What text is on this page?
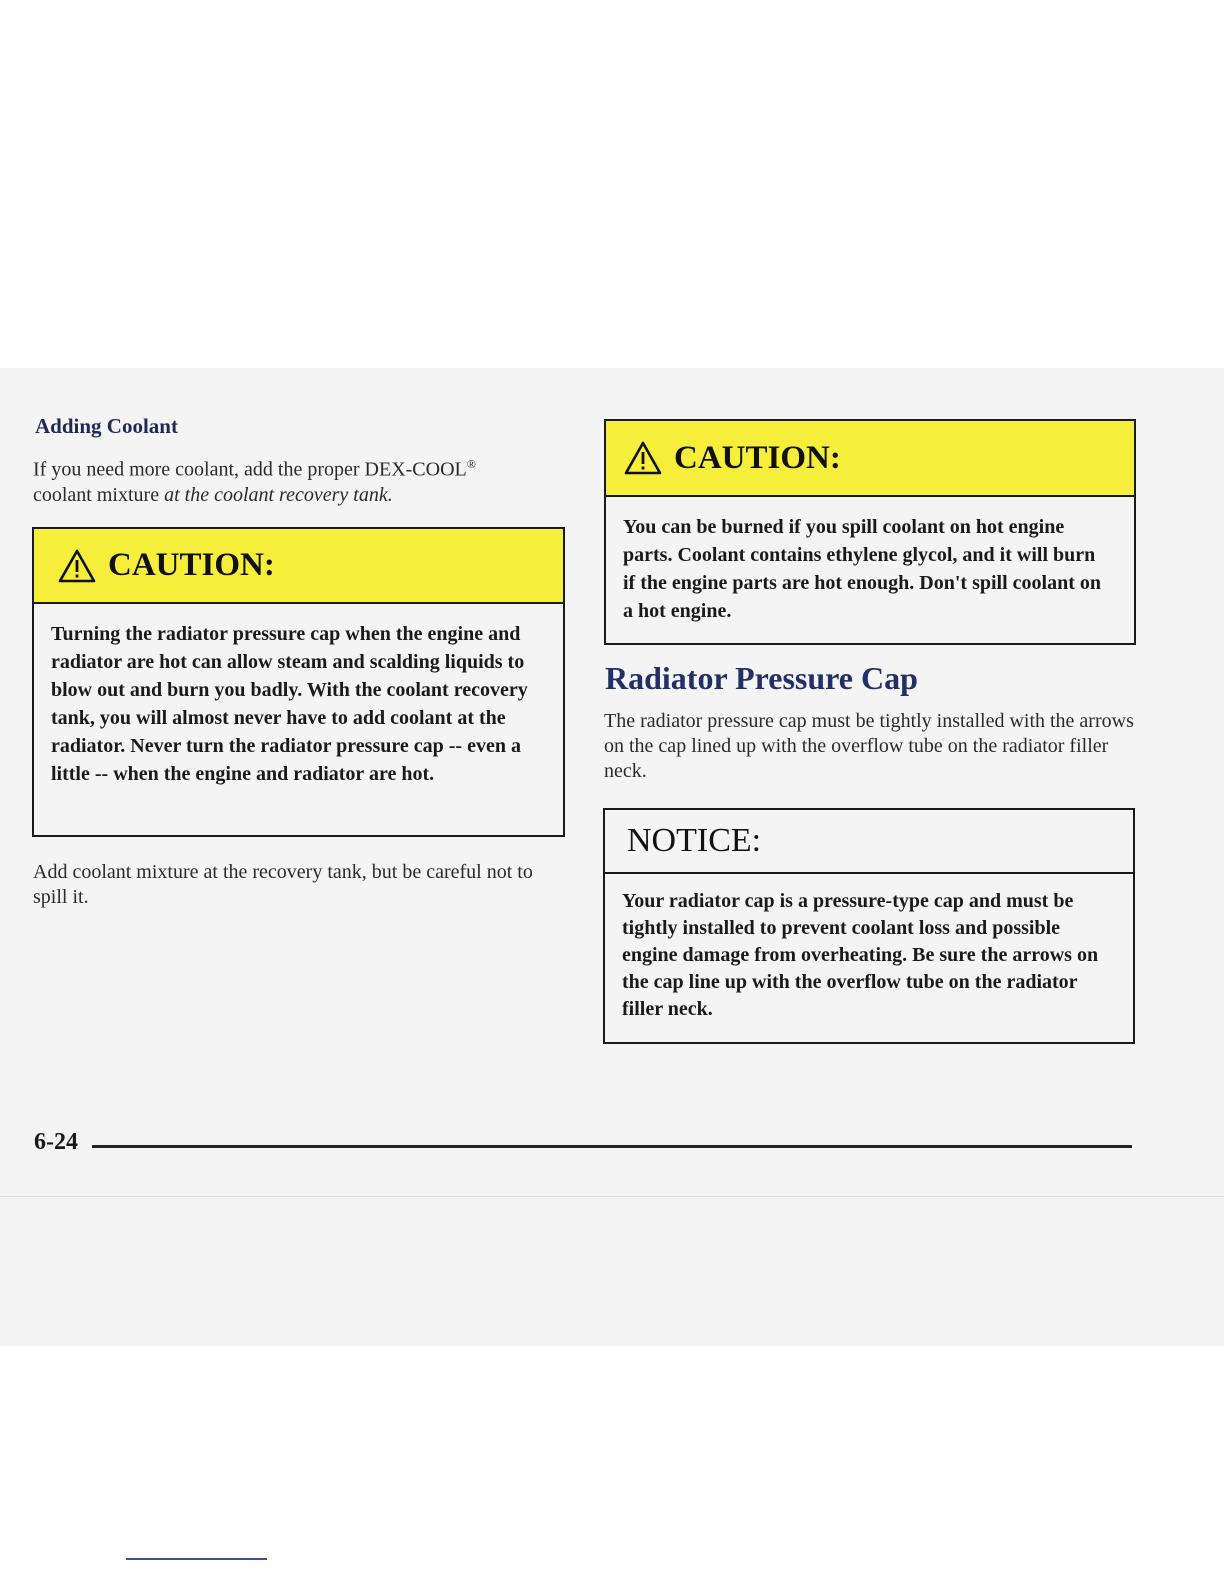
Adding Coolant

If you need more coolant, add the proper DEX-COOL®
coolant mixture at the coolant recovery tank.

CAUTION:
Turning the radiator pressure cap when the engine and radiator are hot can allow steam and scalding liquids to blow out and burn you badly. With the coolant recovery tank, you will almost never have to add coolant at the radiator. Never turn the radiator pressure cap -- even a little -- when the engine and radiator are hot.

Add coolant mixture at the recovery tank, but be careful not to spill it.

CAUTION:
You can be burned if you spill coolant on hot engine parts. Coolant contains ethylene glycol, and it will burn if the engine parts are hot enough. Don't spill coolant on a hot engine.
Radiator Pressure Cap

The radiator pressure cap must be tightly installed with the arrows on the cap lined up with the overflow tube on the radiator filler neck.

NOTICE:
Your radiator cap is a pressure-type cap and must be tightly installed to prevent coolant loss and possible engine damage from overheating. Be sure the arrows on the cap line up with the overflow tube on the radiator filler neck.
6-24
